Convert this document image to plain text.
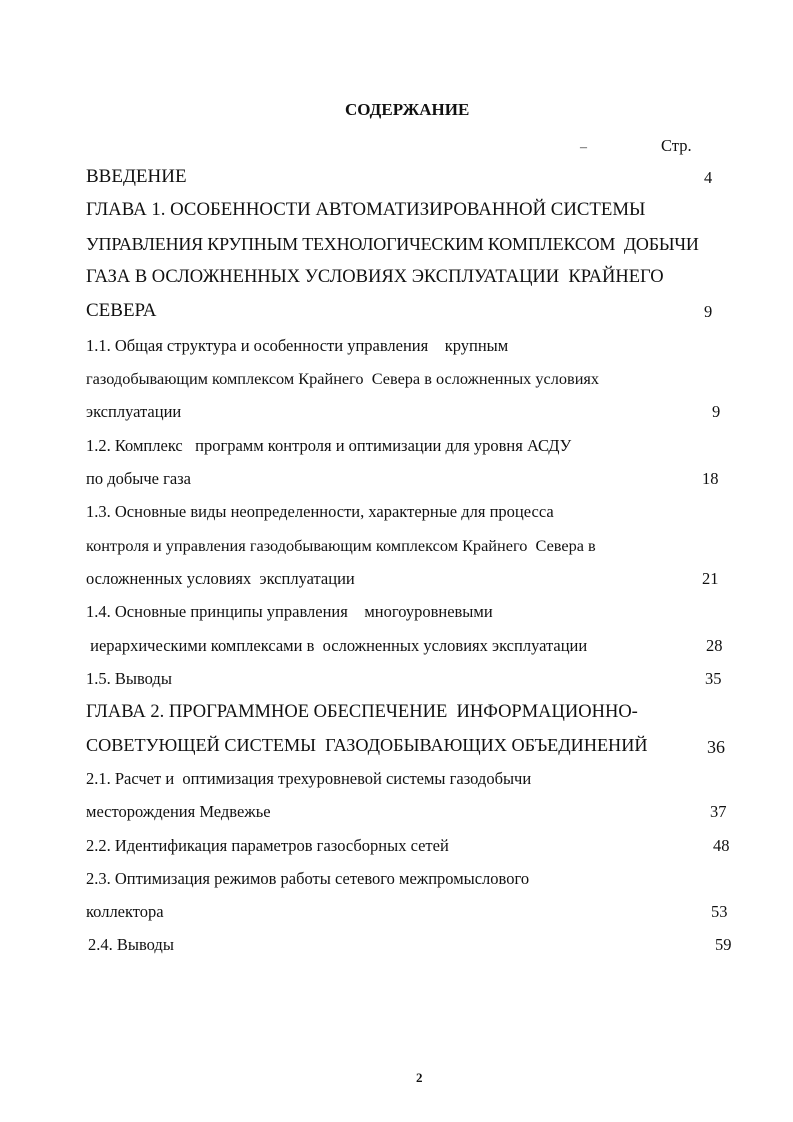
СОДЕРЖАНИЕ
–	Стр.
ВВЕДЕНИЕ	4
ГЛАВА 1. ОСОБЕННОСТИ АВТОМАТИЗИРОВАННОЙ СИСТЕМЫ
УПРАВЛЕНИЯ КРУПНЫМ ТЕХНОЛОГИЧЕСКИМ КОМПЛЕКСОМ  ДОБЫЧИ
ГАЗА В ОСЛОЖНЕННЫХ УСЛОВИЯХ ЭКСПЛУАТАЦИИ  КРАЙНЕГО
СЕВЕРА	9
1.1. Общая структура и особенности управления    крупным
газодобывающим комплексом Крайнего  Севера в осложненных условиях
эксплуатации	9
1.2. Комплекс   программ контроля и оптимизации для уровня АСДУ
по добыче газа	18
1.3. Основные виды неопределенности, характерные для процесса
контроля и управления газодобывающим комплексом Крайнего  Севера в
осложненных условиях  эксплуатации	21
1.4. Основные принципы управления    многоуровневыми
иерархическими комплексами в  осложненных условиях эксплуатации	28
1.5. Выводы	35
ГЛАВА 2. ПРОГРАММНОЕ ОБЕСПЕЧЕНИЕ  ИНФОРМАЦИОННО-
СОВЕТУЮЩЕЙ СИСТЕМЫ  ГАЗОДОБЫВАЮЩИХ ОБЪЕДИНЕНИЙ	36
2.1. Расчет и  оптимизация трехуровневой системы газодобычи
месторождения Медвежье	37
2.2. Идентификация параметров газосборных сетей	48
2.3. Оптимизация режимов работы сетевого межпромыслового
коллектора	53
2.4. Выводы	59
2
